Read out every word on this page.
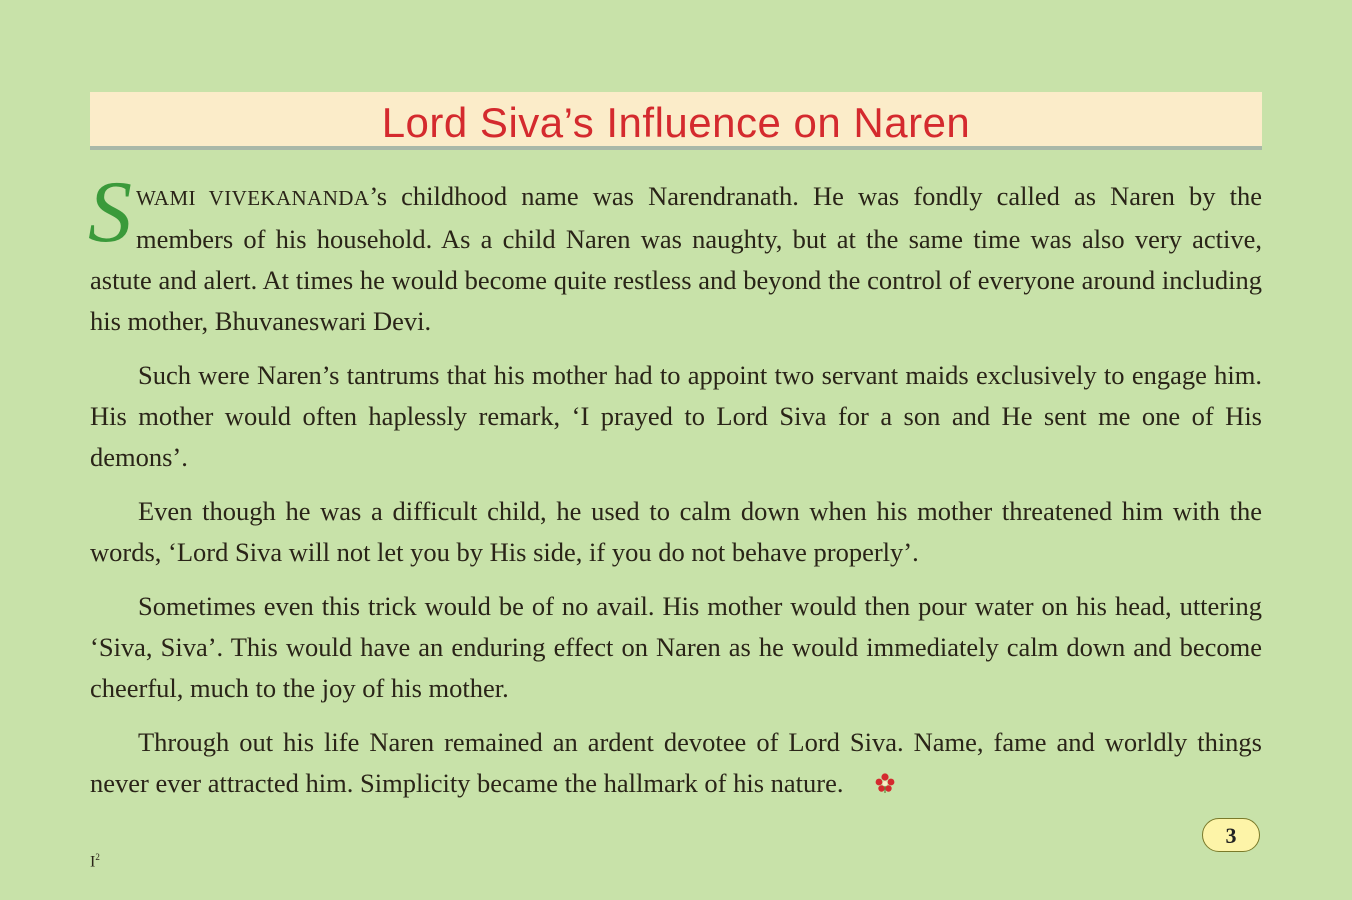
Lord Siva’s Influence on Naren

SWAMI VIVEKANANDA’s childhood name was Narendranath. He was fondly called as Naren by the members of his household. As a child Naren was naughty, but at the same time was also very active, astute and alert. At times he would become quite restless and beyond the control of everyone around including his mother, Bhuvaneswari Devi.

Such were Naren’s tantrums that his mother had to appoint two servant maids exclusively to engage him. His mother would often haplessly remark, ‘I prayed to Lord Siva for a son and He sent me one of His demons’.

Even though he was a difficult child, he used to calm down when his mother threatened him with the words, ‘Lord Siva will not let you by His side, if you do not behave properly’.

Sometimes even this trick would be of no avail. His mother would then pour water on his head, uttering ‘Siva, Siva’. This would have an enduring effect on Naren as he would immediately calm down and become cheerful, much to the joy of his mother.

Through out his life Naren remained an ardent devotee of Lord Siva. Name, fame and worldly things never ever attracted him. Simplicity became the hallmark of his nature.

3
$I^2$
